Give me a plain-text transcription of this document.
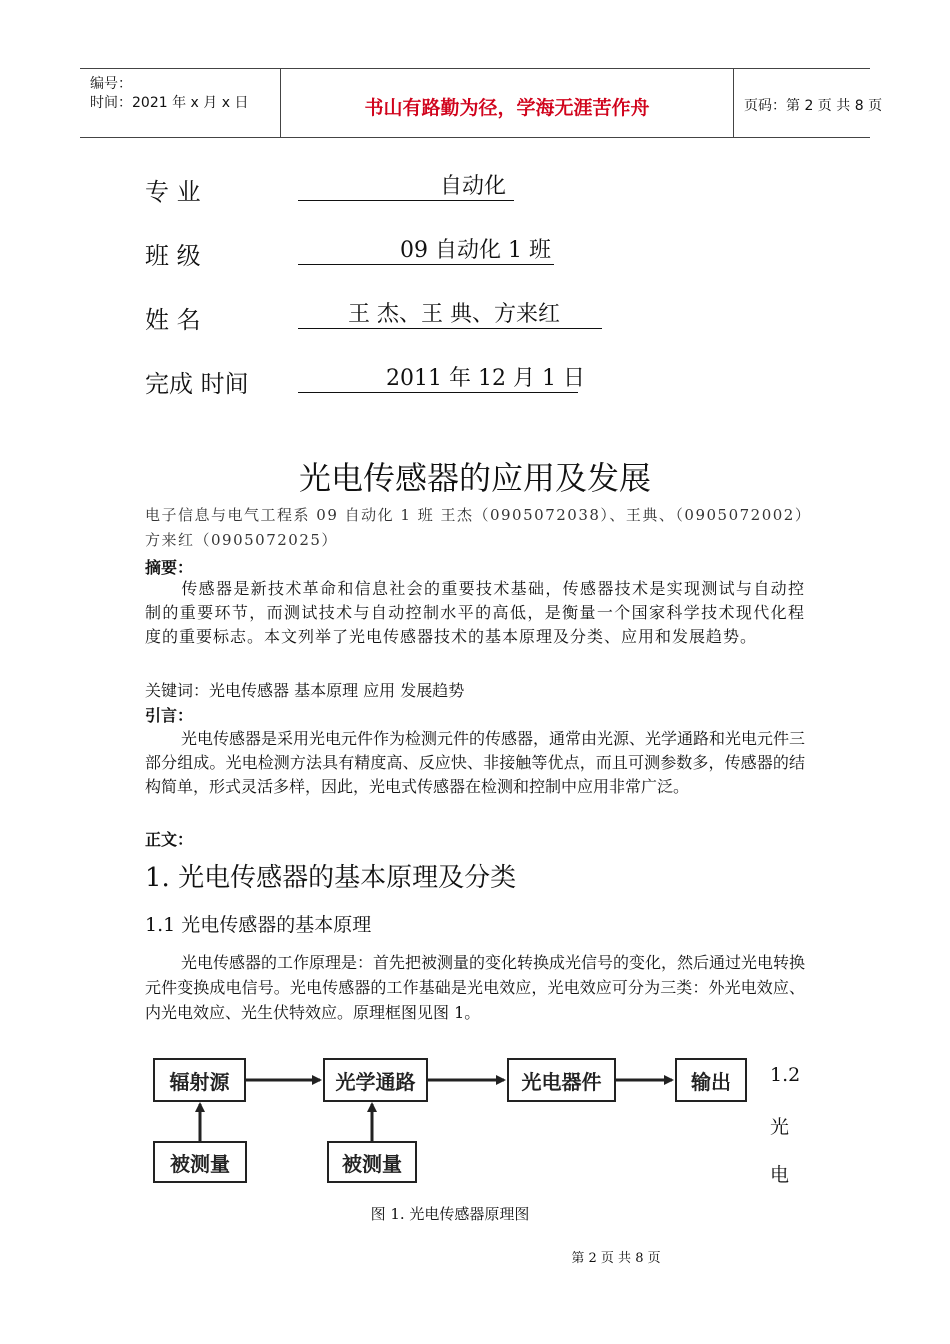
编号：
时间：2021 年 x 月 x 日	书山有路勤为径，学海无涯苦作舟	页码：第 2 页 共 8 页
专 业	自动化
班 级	09 自动化 1 班
姓 名	王 杰、王 典、方来红
完成 时间	2011 年 12 月 1 日
光电传感器的应用及发展
电子信息与电气工程系 09 自动化 1 班 王杰（0905072038）、王典、（0905072002）方来红（0905072025）
摘要：
传感器是新技术革命和信息社会的重要技术基础，传感器技术是实现测试与自动控制的重要环节，而测试技术与自动控制水平的高低，是衡量一个国家科学技术现代化程度的重要标志。本文列举了光电传感器技术的基本原理及分类、应用和发展趋势。
关键词：光电传感器 基本原理 应用 发展趋势
引言：
光电传感器是采用光电元件作为检测元件的传感器，通常由光源、光学通路和光电元件三部分组成。光电检测方法具有精度高、反应快、非接触等优点，而且可测参数多，传感器的结构简单，形式灵活多样，因此，光电式传感器在检测和控制中应用非常广泛。
正文：
1. 光电传感器的基本原理及分类
1.1 光电传感器的基本原理
光电传感器的工作原理是：首先把被测量的变化转换成光信号的变化，然后通过光电转换元件变换成电信号。光电传感器的工作基础是光电效应，光电效应可分为三类：外光电效应、内光电效应、光生伏特效应。原理框图见图 1。
辐射源	光学通路	光电器件	输出
被测量	被测量
1.2
光
电
图 1. 光电传感器原理图
第 2 页 共 8 页
